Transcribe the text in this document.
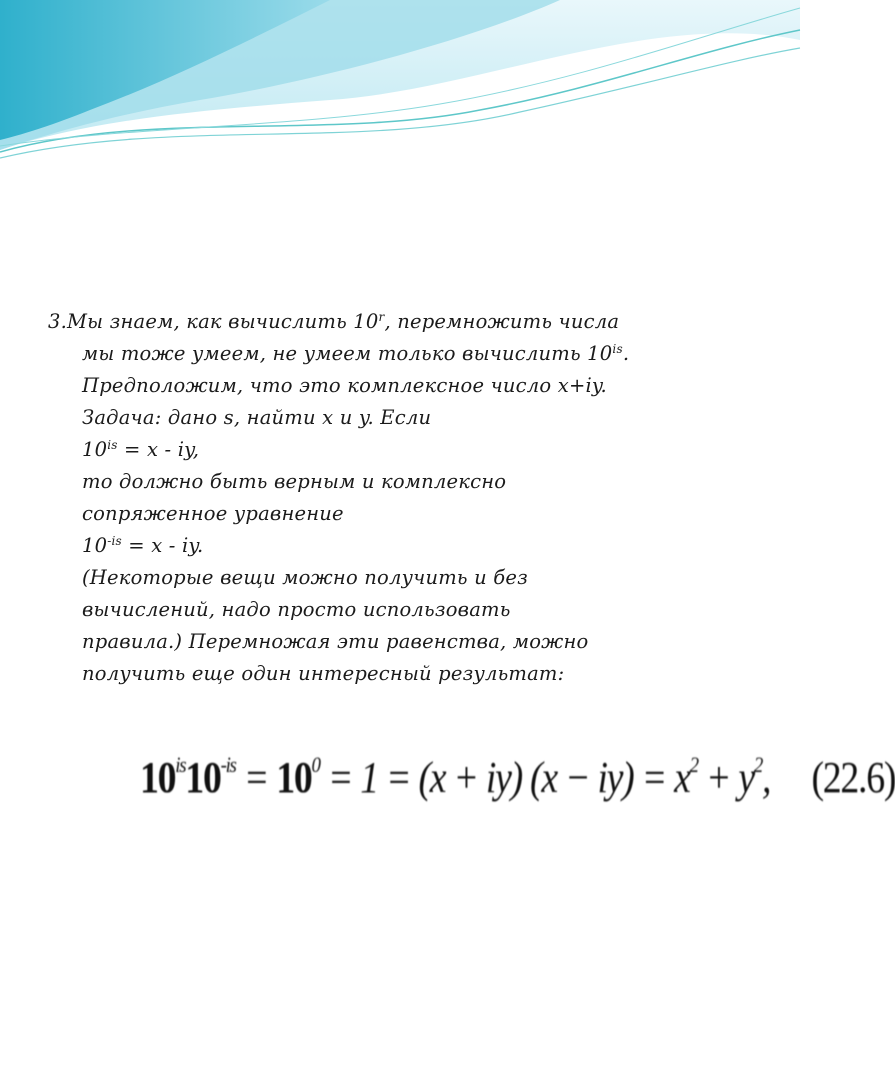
3.Мы знаем, как вычислить 10$^r$, перемножить числа
мы тоже умеем, не умеем только вычислить $10^{is}$.
Предположим, что это комплексное число x+iy.
Задача: дано s, найти x и y. Если
$10^{is} = x$ - iy,
то должно быть верным и комплексно
сопряженное уравнение
$10^{-is} = x$ - iy.
(Некоторые вещи можно получить и без
вычислений, надо просто использовать
правила.) Перемножая эти равенства, можно
получить еще один интересный результат:
$10^{is}10^{-is} = 10^0 = 1 = (x + iy) (x - iy) = x^2 + y^2$, (22.6)
